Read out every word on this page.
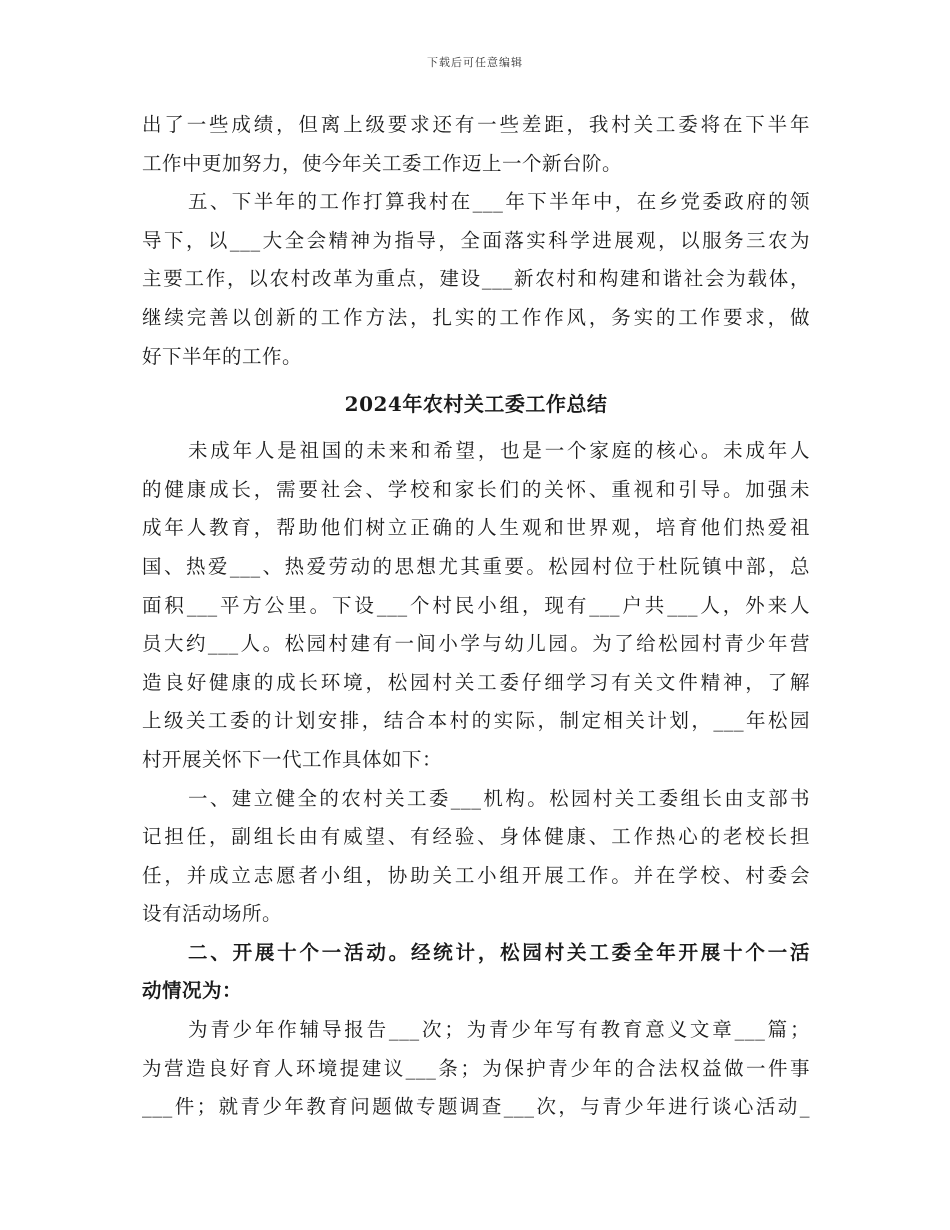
下载后可任意编辑
出了一些成绩，但离上级要求还有一些差距，我村关工委将在下半年
工作中更加努力，使今年关工委工作迈上一个新台阶。
五、下半年的工作打算我村在___年下半年中，在乡党委政府的领
导下，以___大全会精神为指导，全面落实科学进展观，以服务三农为
主要工作，以农村改革为重点，建设___新农村和构建和谐社会为载体，
继续完善以创新的工作方法，扎实的工作作风，务实的工作要求，做
好下半年的工作。
2024年农村关工委工作总结
未成年人是祖国的未来和希望，也是一个家庭的核心。未成年人
的健康成长，需要社会、学校和家长们的关怀、重视和引导。加强未
成年人教育，帮助他们树立正确的人生观和世界观，培育他们热爱祖
国、热爱___、热爱劳动的思想尤其重要。松园村位于杜阮镇中部，总
面积___平方公里。下设___个村民小组，现有___户共___人，外来人
员大约___人。松园村建有一间小学与幼儿园。为了给松园村青少年营
造良好健康的成长环境，松园村关工委仔细学习有关文件精神，了解
上级关工委的计划安排，结合本村的实际，制定相关计划，___年松园
村开展关怀下一代工作具体如下：
一、建立健全的农村关工委___机构。松园村关工委组长由支部书
记担任，副组长由有威望、有经验、身体健康、工作热心的老校长担
任，并成立志愿者小组，协助关工小组开展工作。并在学校、村委会
设有活动场所。
二、开展十个一活动。经统计，松园村关工委全年开展十个一活
动情况为：
为青少年作辅导报告___次；为青少年写有教育意义文章___篇；
为营造良好育人环境提建议___条；为保护青少年的合法权益做一件事
___件；就青少年教育问题做专题调查___次，与青少年进行谈心活动_
